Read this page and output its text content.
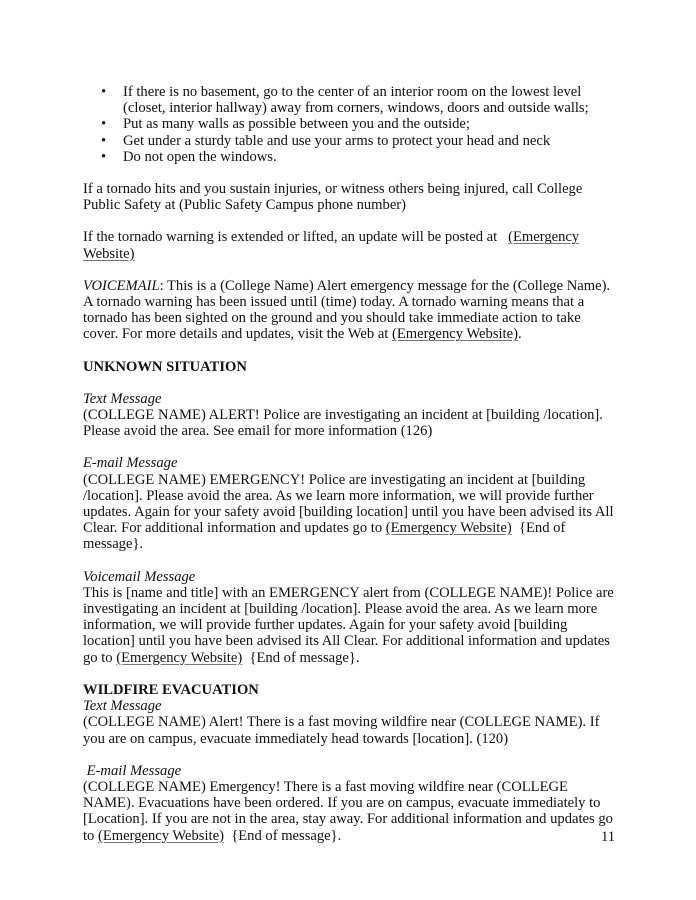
• If there is no basement, go to the center of an interior room on the lowest level (closet, interior hallway) away from corners, windows, doors and outside walls;
• Put as many walls as possible between you and the outside;
• Get under a sturdy table and use your arms to protect your head and neck
• Do not open the windows.

If a tornado hits and you sustain injuries, or witness others being injured, call College Public Safety at (Public Safety Campus phone number)

If the tornado warning is extended or lifted, an update will be posted at   (Emergency Website)

VOICEMAIL: This is a (College Name) Alert emergency message for the (College Name). A tornado warning has been issued until (time) today. A tornado warning means that a tornado has been sighted on the ground and you should take immediate action to take cover. For more details and updates, visit the Web at (Emergency Website).

UNKNOWN SITUATION

Text Message

(COLLEGE NAME) ALERT! Police are investigating an incident at [building /location]. Please avoid the area. See email for more information (126)

E-mail Message

(COLLEGE NAME) EMERGENCY! Police are investigating an incident at [building /location]. Please avoid the area. As we learn more information, we will provide further updates. Again for your safety avoid [building location] until you have been advised its All Clear. For additional information and updates go to (Emergency Website)  {End of message}.

Voicemail Message

This is [name and title] with an EMERGENCY alert from (COLLEGE NAME)! Police are investigating an incident at [building /location]. Please avoid the area. As we learn more information, we will provide further updates. Again for your safety avoid [building location] until you have been advised its All Clear. For additional information and updates go to (Emergency Website)  {End of message}.

WILDFIRE EVACUATION

Text Message

(COLLEGE NAME) Alert! There is a fast moving wildfire near (COLLEGE NAME). If you are on campus, evacuate immediately head towards [location]. (120)

E-mail Message

(COLLEGE NAME) Emergency! There is a fast moving wildfire near (COLLEGE NAME). Evacuations have been ordered. If you are on campus, evacuate immediately to [Location]. If you are not in the area, stay away. For additional information and updates go to (Emergency Website)  {End of message}.	11
